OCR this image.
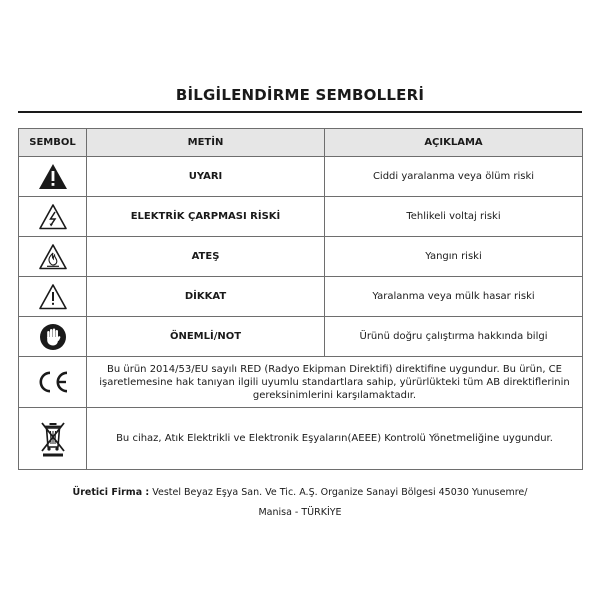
BİLGİLENDİRME SEMBOLLERİ
SEMBOL	METİN	AÇIKLAMA
	UYARI	Ciddi yaralanma veya ölüm riski
	ELEKTRİK ÇARPMASI RİSKİ	Tehlikeli voltaj riski
	ATEŞ	Yangın riski
	DİKKAT	Yaralanma veya mülk hasar riski
	ÖNEMLİ/NOT	Ürünü doğru çalıştırma hakkında bilgi
	Bu ürün 2014/53/EU sayılı RED (Radyo Ekipman Direktifi) direktifine uygundur. Bu ürün, CE işaretlemesine hak tanıyan ilgili uyumlu standartlara sahip, yürürlükteki tüm AB direktiflerinin gereksinimlerini karşılamaktadır.	
	Bu cihaz, Atık Elektrikli ve Elektronik Eşyaların(AEEE) Kontrolü Yönetmeliğine uygundur.	
Üretici Firma : Vestel Beyaz Eşya San. Ve Tic. A.Ş. Organize Sanayi Bölgesi 45030 Yunusemre/
Manisa - TÜRKİYE
